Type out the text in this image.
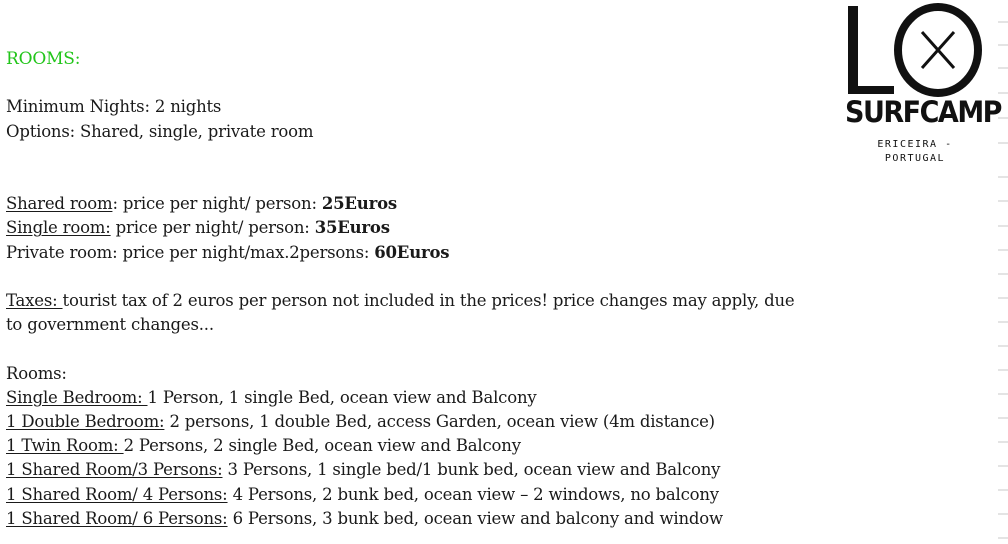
SURFCAMP
ERICEIRA - PORTUGAL
ROOMS:
Minimum Nights: 2 nights
Options: Shared, single, private room
Shared room: price per night/ person: 25Euros
Single room: price per night/ person: 35Euros
Private room: price per night/max.2persons: 60Euros
Taxes: tourist tax of 2 euros per person not included in the prices! price changes may apply, due to government changes...
Rooms:
Single Bedroom: 1 Person, 1 single Bed, ocean view and Balcony
1 Double Bedroom: 2 persons, 1 double Bed, access Garden, ocean view (4m distance)
1 Twin Room: 2 Persons, 2 single Bed, ocean view and Balcony
1 Shared Room/3 Persons: 3 Persons, 1 single bed/1 bunk bed, ocean view and Balcony
1 Shared Room/ 4 Persons: 4 Persons, 2 bunk bed, ocean view – 2 windows, no balcony
1 Shared Room/ 6 Persons: 6 Persons, 3 bunk bed, ocean view and balcony and window
